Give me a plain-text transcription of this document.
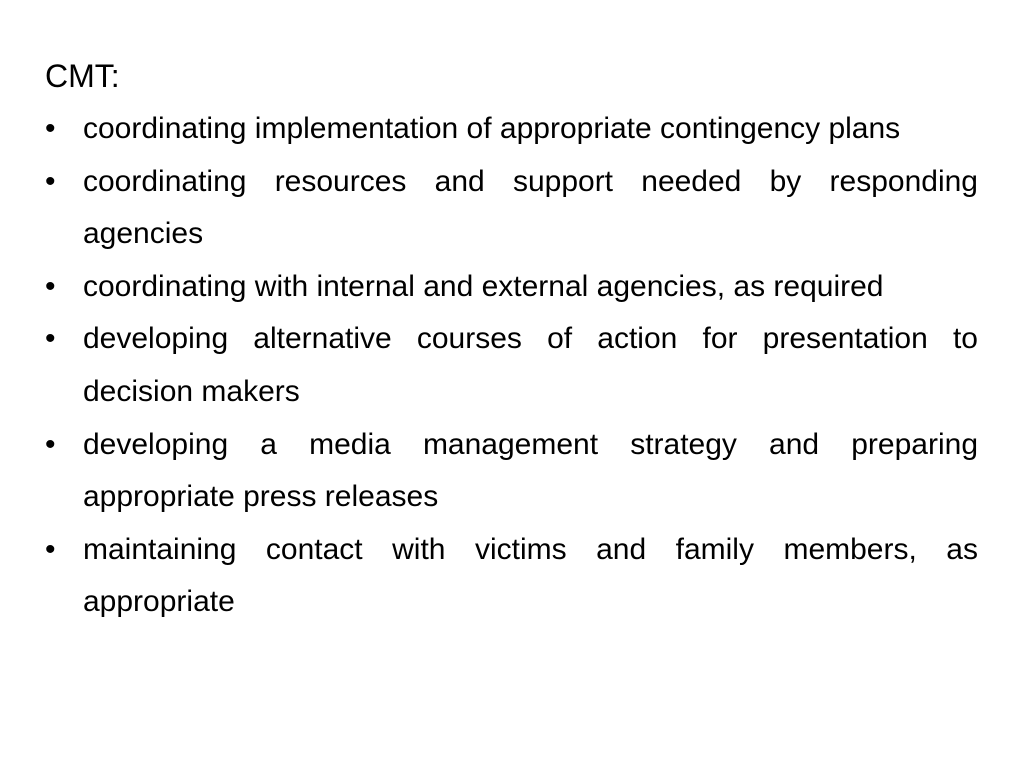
CMT:
• coordinating implementation of appropriate contingency plans
• coordinating resources and support needed by responding agencies
• coordinating with internal and external agencies, as required
• developing alternative courses of action for presentation to decision makers
• developing a media management strategy and preparing appropriate press releases
• maintaining contact with victims and family members, as appropriate
